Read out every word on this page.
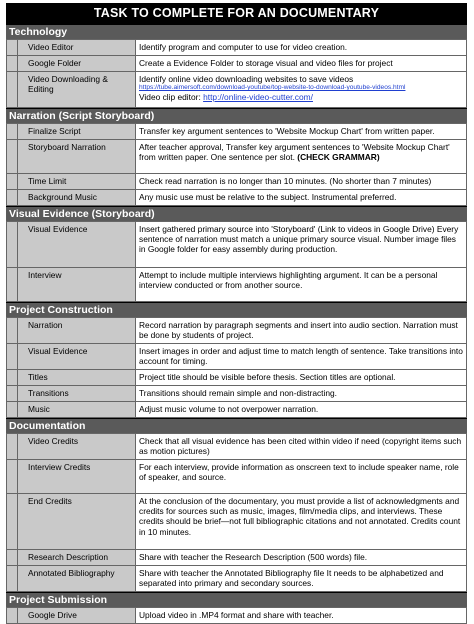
TASK TO COMPLETE FOR AN DOCUMENTARY
Technology
	Video Editor	Identify program and computer to use for video creation.
	Google Folder	Create a Evidence Folder to storage visual and video files for project
	Video Downloading & Editing	Identify online video downloading websites to save videos
https://tube.aimersoft.com/download-youtube/top-website-to-download-youtube-videos.html
Video clip editor: http://online-video-cutter.com/
Narration (Script Storyboard)
	Finalize Script	Transfer key argument sentences to 'Website Mockup Chart' from written paper.
	Storyboard Narration	After teacher approval, Transfer key argument sentences to 'Website Mockup Chart' from written paper. One sentence per slot. (CHECK GRAMMAR)
	Time Limit	Check read narration is no longer than 10 minutes. (No shorter than 7 minutes)
	Background Music	Any music use must be relative to the subject. Instrumental preferred.
Visual Evidence (Storyboard)
	Visual Evidence	Insert gathered primary source into 'Storyboard' (Link to videos in Google Drive) Every sentence of narration must match a unique primary source visual. Number image files in Google folder for easy assembly during production.
	Interview	Attempt to include multiple interviews highlighting argument. It can be a personal interview conducted or from another source.
Project Construction
	Narration	Record narration by paragraph segments and insert into audio section. Narration must be done by students of project.
	Visual Evidence	Insert images in order and adjust time to match length of sentence. Take transitions into account for timing.
	Titles	Project title should be visible before thesis. Section titles are optional.
	Transitions	Transitions should remain simple and non-distracting.
	Music	Adjust music volume to not overpower narration.
Documentation
	Video Credits	Check that all visual evidence has been cited within video if need (copyright items such as motion pictures)
	Interview Credits	For each interview, provide information as onscreen text to include speaker name, role of speaker, and source.
	End Credits	At the conclusion of the documentary, you must provide a list of acknowledgments and credits for sources such as music, images, film/media clips, and interviews. These credits should be brief—not full bibliographic citations and not annotated. Credits count in 10 minutes.
	Research Description	Share with teacher the Research Description (500 words) file.
	Annotated Bibliography	Share with teacher the Annotated Bibliography file It needs to be alphabetized and separated into primary and secondary sources.
Project Submission
	Google Drive	Upload video in .MP4 format and share with teacher.
